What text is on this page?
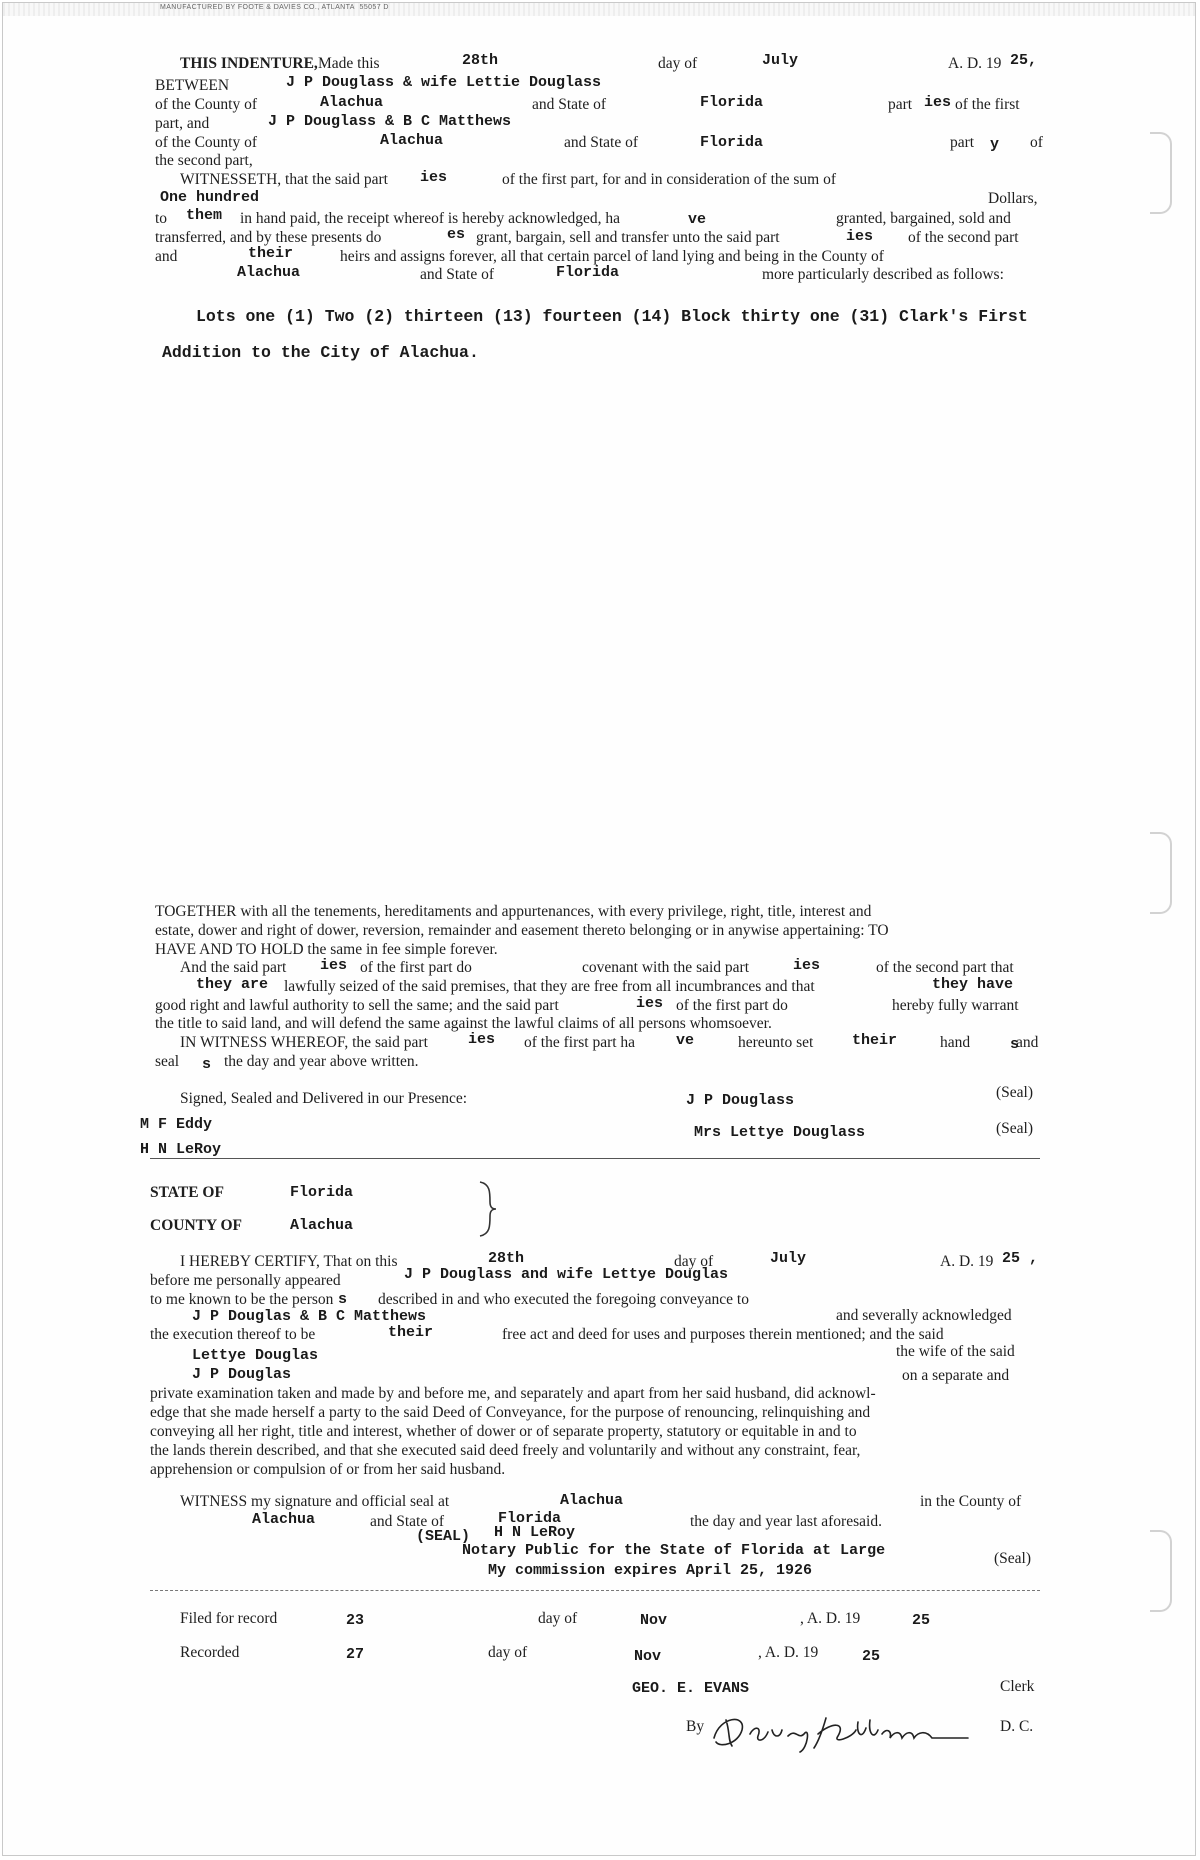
MANUFACTURED BY FOOTE & DAVIES CO., ATLANTA 55057 D
THIS INDENTURE, Made this	28th	day of	July	A. D. 19 25,
BETWEEN	J P Douglass & wife Lettie Douglass
of the County of	Alachua	and State of	Florida	part ies of the first
part, and	J P Douglass & B C Matthews
of the County of	Alachua	and State of	Florida	part y of
the second part,
WITNESSETH, that the said part ies	of the first part, for and in consideration of the sum of
One hundred	Dollars,
to them in hand paid, the receipt whereof is hereby acknowledged, ha	ve	granted, bargained, sold and
transferred, and by these presents do	es grant, bargain, sell and transfer unto the said part	ies of the second part
and	their	heirs and assigns forever, all that certain parcel of land lying and being in the County of
Alachua	and State of	Florida	more particularly described as follows:
Lots one (1) Two (2) thirteen (13) fourteen (14) Block thirty one (31) Clark's First
Addition to the City of Alachua.
TOGETHER with all the tenements, hereditaments and appurtenances, with every privilege, right, title, interest and
estate, dower and right of dower, reversion, remainder and easement thereto belonging or in anywise appertaining: TO
HAVE AND TO HOLD the same in fee simple forever.
And the said part ies of the first part do	covenant with the said part	ies	of the second part that
they are lawfully seized of the said premises, that they are free from all incumbrances and that	they have
good right and lawful authority to sell the same; and the said part	ies of the first part do	hereby fully warrant
the title to said land, and will defend the same against the lawful claims of all persons whomsoever.
IN WITNESS WHEREOF, the said part	ies of the first part ha	ve	hereunto set	their	hand	s
and
seal s the day and year above written.
Signed, Sealed and Delivered in our Presence:	J P Douglass	(Seal)
M F Eddy	Mrs Lettye Douglass	(Seal)
H N LeRoy
STATE OF	Florida
COUNTY OF	Alachua
I HEREBY CERTIFY, That on this	28th	day of	July	A. D. 19 25 ,
before me personally appeared	J P Douglass and wife Lettye Douglas
to me known to be the person s described in and who executed the foregoing conveyance to
J P Douglas & B C Matthews	and severally acknowledged
the execution thereof to be	their	free act and deed for uses and purposes therein mentioned; and the said
Lettye Douglas	the wife of the said
J P Douglas	on a separate and
private examination taken and made by and before me, and separately and apart from her said husband, did acknowl-
edge that she made herself a party to the said Deed of Conveyance, for the purpose of renouncing, relinquishing and
conveying all her right, title and interest, whether of dower or of separate property, statutory or equitable in and to
the lands therein described, and that she executed said deed freely and voluntarily and without any constraint, fear,
apprehension or compulsion of or from her said husband.
WITNESS my signature and official seal at	Alachua	in the County of
Alachua	and State of	Florida	the day and year last aforesaid.
(SEAL) H N LeRoy
Notary Public for the State of Florida at Large	(Seal)
My commission expires April 25, 1926
Filed for record	23	day of	Nov	, A. D. 19	25
Recorded	27	day of	Nov	, A. D. 19	25
GEO. E. EVANS	Clerk
By	D. C.
